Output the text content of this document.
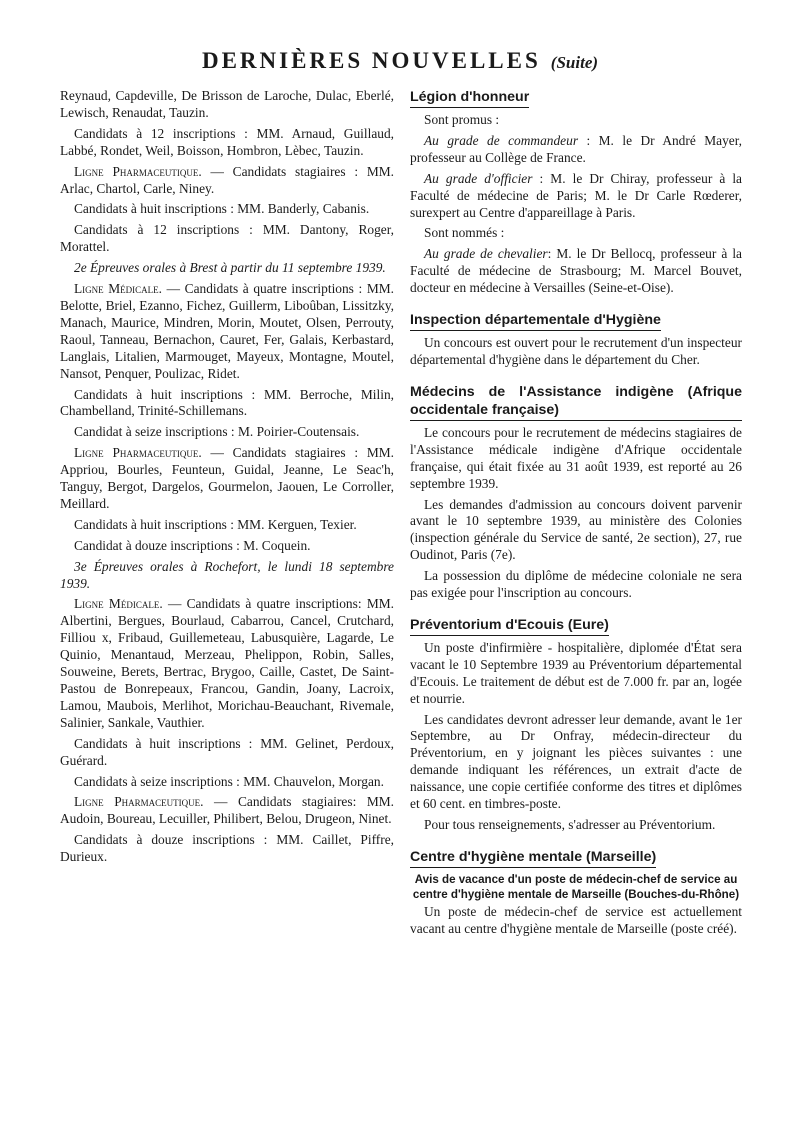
DERNIÈRES NOUVELLES (Suite)

Reynaud, Capdeville, De Brisson de Laroche, Dulac, Eberlé, Lewisch, Renaudat, Tauzin.

Candidats à 12 inscriptions : MM. Arnaud, Guillaud, Labbé, Rondet, Weil, Boisson, Hombron, Lèbec, Tauzin.

Ligne Pharmaceutique. — Candidats stagiaires : MM. Arlac, Chartol, Carle, Niney.

Candidats à huit inscriptions : MM. Banderly, Cabanis.

Candidats à 12 inscriptions : MM. Dantony, Roger, Morattel.

2e Épreuves orales à Brest à partir du 11 septembre 1939.

Ligne Médicale. — Candidats à quatre inscriptions : MM. Belotte, Briel, Ezanno, Fichez, Guillerm, Liboûban, Lissitzky, Manach, Maurice, Mindren, Morin, Moutet, Olsen, Perrouty, Raoul, Tanneau, Bernachon, Cauret, Fer, Galais, Kerbastard, Langlais, Litalien, Marmouget, Mayeux, Montagne, Moutel, Nansot, Penquer, Poulizac, Ridet.

Candidats à huit inscriptions : MM. Berroche, Milin, Chambelland, Trinité-Schillemans.

Candidat à seize inscriptions : M. Poirier-Coutensais.

Ligne Pharmaceutique. — Candidats stagiaires : MM. Appriou, Bourles, Feunteun, Guidal, Jeanne, Le Seac'h, Tanguy, Bergot, Dargelos, Gourmelon, Jaouen, Le Corroller, Meillard.

Candidats à huit inscriptions : MM. Kerguen, Texier.

Candidat à douze inscriptions : M. Coquein.

3e Épreuves orales à Rochefort, le lundi 18 septembre 1939.

Ligne Médicale. — Candidats à quatre inscriptions: MM. Albertini, Bergues, Bourlaud, Cabarrou, Cancel, Crutchard, Filliou x, Fribaud, Guillemeteau, Labusquière, Lagarde, Le Quinio, Menantaud, Merzeau, Phelippon, Robin, Salles, Souweine, Berets, Bertrac, Brygoo, Caille, Castet, De Saint-Pastou de Bonrepeaux, Francou, Gandin, Joany, Lacroix, Lamou, Maubois, Merlihot, Morichau-Beauchant, Rivemale, Salinier, Sankale, Vauthier.

Candidats à huit inscriptions : MM. Gelinet, Perdoux, Guérard.

Candidats à seize inscriptions : MM. Chauvelon, Morgan.

Ligne Pharmaceutique. — Candidats stagiaires: MM. Audoin, Boureau, Lecuiller, Philibert, Belou, Drugeon, Ninet.

Candidats à douze inscriptions : MM. Caillet, Piffre, Durieux.

Légion d'honneur

Sont promus :

Au grade de commandeur : M. le Dr André Mayer, professeur au Collège de France.

Au grade d'officier : M. le Dr Chiray, professeur à la Faculté de médecine de Paris; M. le Dr Carle Rœderer, surexpert au Centre d'appareillage à Paris.

Sont nommés :

Au grade de chevalier: M. le Dr Bellocq, professeur à la Faculté de médecine de Strasbourg; M. Marcel Bouvet, docteur en médecine à Versailles (Seine-et-Oise).

Inspection départementale d'Hygiène

Un concours est ouvert pour le recrutement d'un inspecteur départemental d'hygiène dans le département du Cher.

Médecins de l'Assistance indigène (Afrique occidentale française)

Le concours pour le recrutement de médecins stagiaires de l'Assistance médicale indigène d'Afrique occidentale française, qui était fixée au 31 août 1939, est reporté au 26 septembre 1939.

Les demandes d'admission au concours doivent parvenir avant le 10 septembre 1939, au ministère des Colonies (inspection générale du Service de santé, 2e section), 27, rue Oudinot, Paris (7e).

La possession du diplôme de médecine coloniale ne sera pas exigée pour l'inscription au concours.

Préventorium d'Ecouis (Eure)

Un poste d'infirmière - hospitalière, diplomée d'État sera vacant le 10 Septembre 1939 au Préventorium départemental d'Ecouis. Le traitement de début est de 7.000 fr. par an, logée et nourrie.

Les candidates devront adresser leur demande, avant le 1er Septembre, au Dr Onfray, médecin-directeur du Préventorium, en y joignant les pièces suivantes : une demande indiquant les références, un extrait d'acte de naissance, une copie certifiée conforme des titres et diplômes et 60 cent. en timbres-poste.

Pour tous renseignements, s'adresser au Préventorium.

Centre d'hygiène mentale (Marseille)
Avis de vacance d'un poste de médecin-chef de service au centre d'hygiène mentale de Marseille (Bouches-du-Rhône)

Un poste de médecin-chef de service est actuellement vacant au centre d'hygiène mentale de Marseille (poste créé).
